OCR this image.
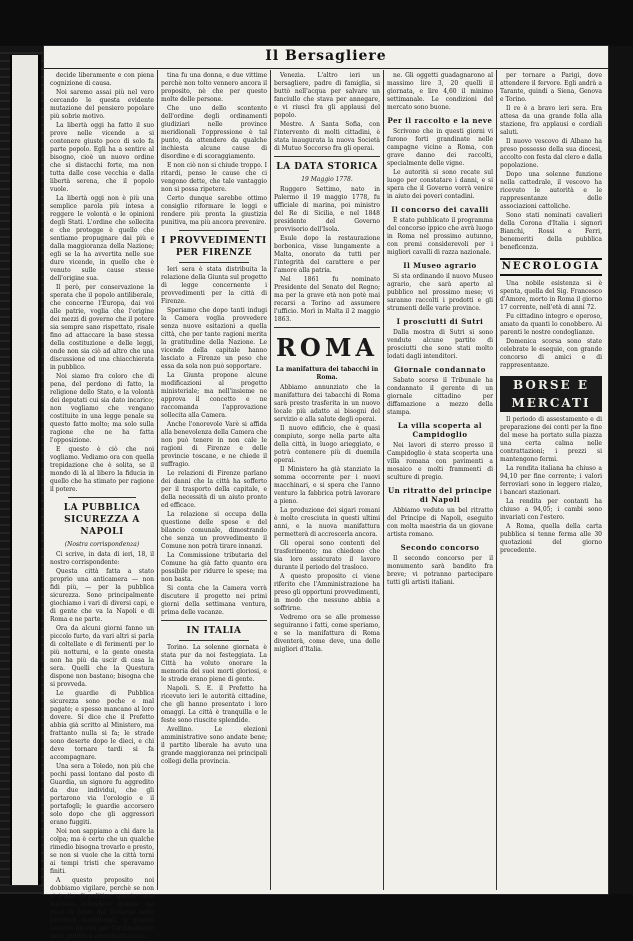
Il Bersagliere

decide liberamente e con piena cognizione di causa.

Noi saremo assai più nel vero cercando le questa evidente mutazione del pensiero popolare più sobrie motivo.

La libertà oggi ha fatto il suo prove nelle vicende a si contenere giusto poco di solo fa parte popolo. Egli ha a sentire al bisogno, cioè un nuovo ordine che si distacchi forte, ma non tutta dalle cose vecchia e dalla libertà serena, che il popolo vuole.

La libertà oggi non è più una semplice parola più intesa a reggere le volontà e le opinioni degli Stati. L'ordine che sollecita e che protegge è quello che sentiamo propugnare dai più e dalla maggioranza della Nazione; egli se la ha avvertita nelle sue dure vicende, in quello che è venuto sulle cause stesse dell'origine sua.

Il però, per conservazione la sperata che il popolo antiliberale, che concerne l'Europa, dai voi alle patrie, voglia che l'origine dei mezzi di governo che il potere sia sempre sano rispettato, risale fino ad attaccare la base stessa della costituzione e delle leggi, onde non sia ciò ad altro che una discussione od una chiacchierata in pubblico.

Noi siamo fra coloro che di pena, del perdono di fatto, la religione dello Stato, e la volontà dei deputati cui sia dato incarico; non vogliamo che vengano costituite in una legge penale su questo fatto molto; ma solo sulla ragione che ne ha fatta l'opposizione.

E questo è ciò che noi vogliamo. Vediamo ora con quella trepidazione che è solita, se il mondo di là al libero la fiducia in quello che ha stimato per ragione il potere.

LA PUBBLICA SICUREZZA A NAPOLI
(Nostra corrispondenza)

Ci scrive, in data di ieri, 18, il nostro corrispondente:

Questa città fatta a stato proprio una anticamera — non fidi più, — per la pubblica sicurezza. Sono principalmente giochiamo i vari di diversi capi, e di gente che va la Napoli e di Roma e ne parte.

Ora da alcuni giorni fanno un piccolo furto, da vari altri si parla di coltellate e di ferimenti per lo più notturni, e la gente onesta non ha più da uscir di casa la sera. Quelli che la Questura dispone non bastano; bisogna che si provveda.

Le guardie di Pubblica sicurezza sono poche e mal pagate; e spesso mancano al loro dovere. Si dice che il Prefetto abbia già scritto al Ministero, ma frattanto nulla si fa; le strade sono deserte dopo le dieci, e chi deve tornare tardi si fa accompagnare.

Una sera a Toledo, non più che pochi passi lontano dal posto di Guardia, un signore fu aggredito da due individui, che gli portarono via l'orologio e il portafogli; le guardie accorsero solo dopo che gli aggressori erano fuggiti.

Noi non sappiamo a chi dare la colpa; ma è certo che un qualche rimedio bisogna trovarlo e presto, se non si vuole che la città torni ai tempi tristi che speravamo finiti.

A questo proposito noi dobbiamo vigilare, perchè se non si tratta di politica, queste cose lasciano intendere quanto sia poca la forza del Governo nelle province meridionali, e quanto occorra ancora per l'ordinamento della pubblica amministrazione.

tina fu una donna, e due vittime perchè non tolto vennero ancora il proposito, nè che per questo molte delle persone.

Che uno dello scontento dell'ordine degli ordinamenti giudiziari nelle province meridionali l'oppressione è tal punto, da attendere da qualche inchiesta alcune cause di disordine e di scoraggiamento.

E non ciò non si chiude troppo. I ritardi, penso le cause che ci vengono dette, che tale vantaggio non si possa ripetere.

Certo dunque sarebbe ottimo consiglio riformare le leggi e rendere più pronta la giustizia punitiva, ma più ancora prevenire.

I PROVVEDIMENTI PER FIRENZE

Ieri sera è stata distribuita la relazione della Giunta sul progetto di legge concernente i provvedimenti per la città di Firenze.

Speriamo che dopo tanti indugi la Camera voglia provvedere senza nuove esitazioni a quella città, che per tante ragioni merita la gratitudine della Nazione. Le vicende della capitale hanno lasciato a Firenze un peso che essa da sola non può sopportare.

La Giunta propone alcune modificazioni al progetto ministeriale; ma nell'insieme ne approva il concetto e ne raccomanda l'approvazione sollecita alla Camera.

Anche l'onorevole Varè si affida alla benevolenza della Camera che non può tenere in non cale le ragioni di Firenze e delle provincie toscane, e ne chiede il suffragio.

Le relazioni di Firenze parlano dei danni che la città ha sofferto per il trasporto della capitale, e della necessità di un aiuto pronto ed efficace.

La relazione si occupa della questione delle spese e del bilancio comunale, dimostrando che senza un provvedimento il Comune non potrà tirare innanzi.

La Commissione tributaria del Comune ha già fatto quanto era possibile per ridurre le spese; ma non basta.

Si conta che la Camera vorrà discutere il progetto nei primi giorni della settimana ventura, prima delle vacanze.

IN ITALIA

Torino. La solenne giornata è stata pur da noi festeggiata. La Città ha voluto onorare la memoria dei suoi morti gloriosi, e le strade erano piene di gente.

Napoli. S. E. il Prefetto ha ricevuto ieri le autorità cittadine, che gli hanno presentato i loro omaggi. La città è tranquilla e le feste sono riuscite splendide.

Avellino. Le elezioni amministrative sono andate bene; il partito liberale ha avuto una grande maggioranza nei principali collegi della provincia.

Venezia. L'altro ieri un bersagliere, padre di famiglia, si buttò nell'acqua per salvare un fanciullo che stava per annegare, e vi riuscì fra gli applausi del popolo.

Mestre. A Santa Sofia, con l'intervento di molti cittadini, è stata inaugurata la nuova Società di Mutuo Soccorso fra gli operai.

LA DATA STORICA
19 Maggio 1778.

Ruggero Settimo, nato in Palermo il 19 maggio 1778, fu ufficiale di marina, poi ministro del Re di Sicilia, e nel 1848 presidente del Governo provvisorio dell'Isola.

Esule dopo la restaurazione borbonica, visse lungamente a Malta, onorato da tutti per l'integrità del carattere e per l'amore alla patria.

Nel 1861 fu nominato Presidente del Senato del Regno; ma per la grave età non potè mai recarsi a Torino ad assumere l'ufficio. Morì in Malta il 2 maggio 1863.

ROMA
La manifattura dei tabacchi in Roma.

Abbiamo annunziato che la manifattura dei tabacchi di Roma sarà presto trasferita in un nuovo locale più adatto ai bisogni del servizio e alla salute degli operai.

Il nuovo edificio, che è quasi compiuto, sorge nella parte alta della città, in luogo arieggiato, e potrà contenere più di duemila operai.

Il Ministero ha già stanziato la somma occorrente per i nuovi macchinari, e si spera che l'anno venturo la fabbrica potrà lavorare a pieno.

La produzione dei sigari romani è molto cresciuta in questi ultimi anni, e la nuova manifattura permetterà di accrescerla ancora.

Gli operai sono contenti del trasferimento; ma chiedono che sia loro assicurato il lavoro durante il periodo del trasloco.

A questo proposito ci viene riferito che l'Amministrazione ha preso gli opportuni provvedimenti, in modo che nessuno abbia a soffrirne.

Vedremo ora se alle promesse seguiranno i fatti, come speriamo, e se la manifattura di Roma diventerà, come deve, una delle migliori d'Italia.

ne. Gli oggetti guadagnarono al massimo lire 3, 20 quelli il giornata, e lire 4,60 il minimo settimanale. Le condizioni del mercato sono buone.

Per il raccolto e la neve

Scrivono che in questi giorni vi furono forti grandinate nelle campagne vicine a Roma, con grave danno dei raccolti, specialmente delle vigne.

Le autorità si sono recate sul luogo per constatare i danni, e si spera che il Governo vorrà venire in aiuto dei poveri contadini.

Il concorso dei cavalli

È stato pubblicato il programma del concorso ippico che avrà luogo in Roma nel prossimo autunno, con premi considerevoli per i migliori cavalli di razza nazionale.

Il Museo agrario

Si sta ordinando il nuovo Museo agrario, che sarà aperto al pubblico nel prossimo mese; vi saranno raccolti i prodotti e gli strumenti delle varie province.

I prosciutti di Sutri

Dalla mostra di Sutri si sono vendute alcune partite di prosciutti che sono stati molto lodati dagli intenditori.

Giornale condannato

Sabato scorso il Tribunale ha condannato il gerente di un giornale cittadino per diffamazione a mezzo della stampa.

La villa scoperta al Campidoglio

Nei lavori di sterro presso il Campidoglio è stata scoperta una villa romana con pavimenti a mosaico e molti frammenti di sculture di pregio.

Un ritratto del principe di Napoli

Abbiamo veduto un bel ritratto del Principe di Napoli, eseguito con molta maestria da un giovane artista romano.

Secondo concorso

Il secondo concorso per il monumento sarà bandito fra breve; vi potranno partecipare tutti gli artisti italiani.

per tornare a Parigi, dove attendere il fervore. Egli andrà a Tarante, quindi a Siena, Genova e Torino.

Il re è a bravo ieri sera. Era attesa da una grande folla alla stazione, fra applausi e cordiali saluti.

Il nuovo vescovo di Albano ha preso possesso della sua diocesi, accolto con festa dal clero e dalla popolazione.

Dopo una solenne funzione nella cattedrale, il vescovo ha ricevuto le autorità e le rappresentanze delle associazioni cattoliche.

Sono stati nominati cavalieri della Corona d'Italia i signori Bianchi, Rossi e Ferri, benemeriti della pubblica beneficenza.

NECROLOGIA

Una nobile esistenza si è spenta, quella del Sig. Francesco d'Amore, morto in Roma il giorno 17 corrente, nell'età di anni 72.

Fu cittadino integro e operoso, amato da quanti lo conobbero. Ai parenti le nostre condoglianze.

Domenica scorsa sono state celebrate le esequie, con grande concorso di amici e di rappresentanze.

BORSE E MERCATI

Il periodo di assestamento e di preparazione dei conti per la fine del mese ha portato sulla piazza una certa calma nelle contrattazioni; i prezzi si mantengono fermi.

La rendita italiana ha chiuso a 94,10 per fine corrente; i valori ferroviari sono in leggero rialzo, i bancari stazionari.

La rendita per contanti ha chiuso a 94,05; i cambi sono invariati con l'estero.

A Roma, quella della carta pubblica si tenne ferma alle 30 quotazioni del giorno precedente.
